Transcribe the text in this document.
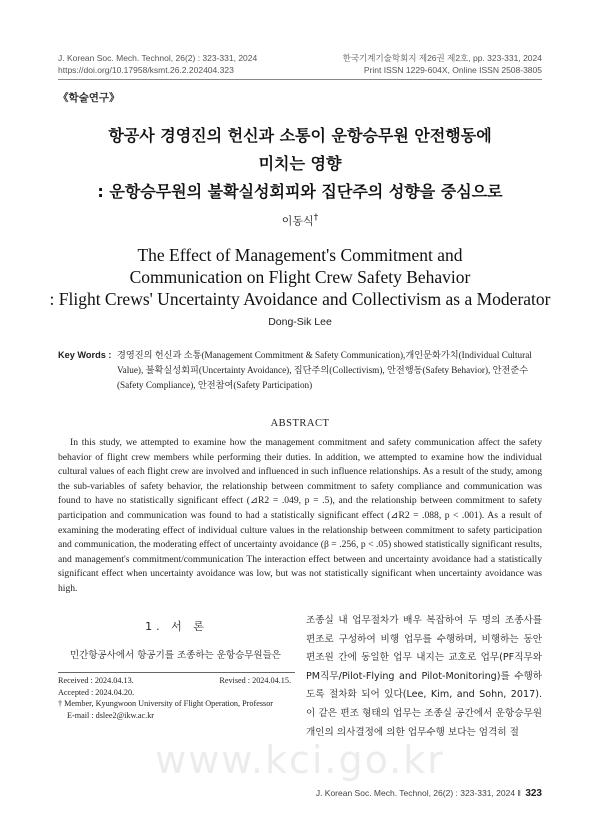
J. Korean Soc. Mech. Technol, 26(2) : 323-331, 2024
https://doi.org/10.17958/ksmt.26.2.202404.323
한국기계기술학회지 제26권 제2호, pp. 323-331, 2024
Print ISSN 1229-604X, Online ISSN 2508-3805
《학술연구》
항공사 경영진의 헌신과 소통이 운항승무원 안전행동에
미치는 영향
: 운항승무원의 불확실성회피와 집단주의 성향을 중심으로
이동식†
The Effect of Management's Commitment and
Communication on Flight Crew Safety Behavior
: Flight Crews' Uncertainty Avoidance and Collectivism as a Moderator
Dong-Sik Lee
Key Words : 경영진의 헌신과 소통(Management Commitment & Safety Communication),개인문화가치(Individual Cultural Value), 불확실성회피(Uncertainty Avoidance), 집단주의(Collectivism), 안전행동(Safety Behavior), 안전준수(Safety Compliance), 안전참여(Safety Participation)
ABSTRACT

In this study, we attempted to examine how the management commitment and safety communication affect the safety behavior of flight crew members while performing their duties. In addition, we attempted to examine how the individual cultural values of each flight crew are involved and influenced in such influence relationships. As a result of the study, among the sub-variables of safety behavior, the relationship between commitment to safety compliance and communication was found to have no statistically significant effect (⊿R2 = .049, p = .5), and the relationship between commitment to safety participation and communication was found to had a statistically significant effect (⊿R2 = .088, p < .001). As a result of examining the moderating effect of individual culture values in the relationship between commitment to safety participation and communication, the moderating effect of uncertainty avoidance (β = .256, p < .05) showed statistically significant results, and management's commitment/communication The interaction effect between and uncertainty avoidance had a statistically significant effect when uncertainty avoidance was low, but was not statistically significant when uncertainty avoidance was high.

1. 서 론

민간항공사에서 항공기를 조종하는 운항승무원들은

Received : 2024.04.13.	Revised : 2024.04.15.
Accepted : 2024.04.20.
† Member, Kyungwoon University of Flight Operation, Professor
E-mail : dslee2@ikw.ac.kr

조종실 내 업무절차가 배우 복잡하여 두 명의 조종사를 편조로 구성하여 비행 업무를 수행하며, 비행하는 동안 편조원 간에 동일한 업무 내지는 교호로 업무(PF직무와 PM직무/Pilot-Flying and Pilot-Monitoring)를 수행하도록 절차화 되어 있다(Lee, Kim, and Sohn, 2017). 이 같은 편조 형태의 업무는 조종실 공간에서 운항승무원 개인의 의사결정에 의한 업무수행 보다는 엄격히 절

www.kci.go.kr
J. Korean Soc. Mech. Technol, 26(2) : 323-331, 2024 ‖ 323
